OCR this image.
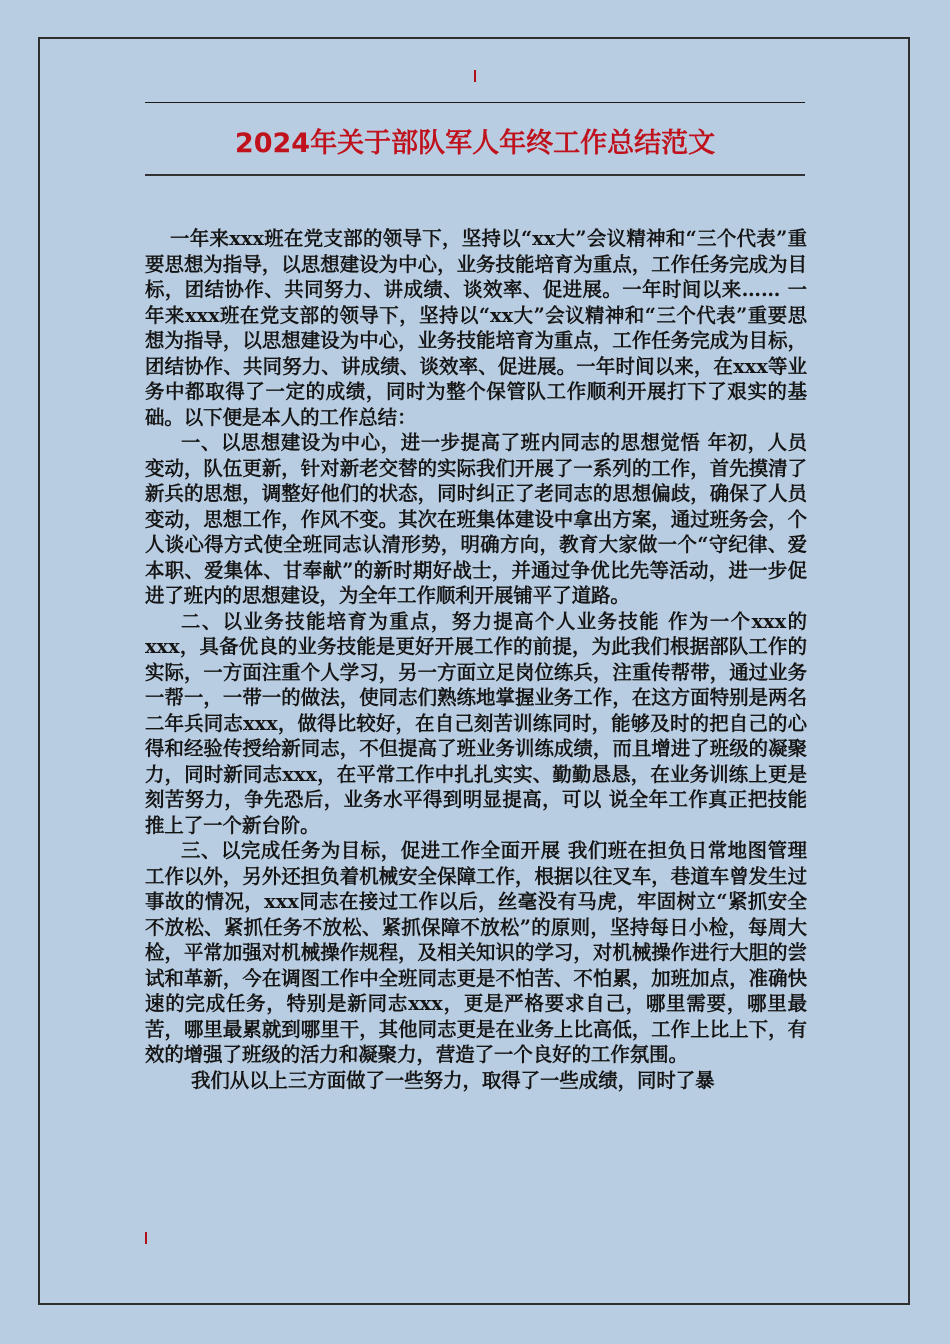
2024年关于部队军人年终工作总结范文

一年来xxx班在党支部的领导下，坚持以“xx大”会议精神和“三个代表”重要思想为指导，以思想建设为中心，业务技能培育为重点，工作任务完成为目标，团结协作、共同努力、讲成绩、谈效率、促进展。一年时间以来…… 一年来xxx班在党支部的领导下，坚持以“xx大”会议精神和“三个代表”重要思想为指导，以思想建设为中心，业务技能培育为重点，工作任务完成为目标，团结协作、共同努力、讲成绩、谈效率、促进展。一年时间以来，在xxx等业务中都取得了一定的成绩，同时为整个保管队工作顺利开展打下了艰实的基础。以下便是本人的工作总结：

一、以思想建设为中心，进一步提高了班内同志的思想觉悟 年初，人员变动，队伍更新，针对新老交替的实际我们开展了一系列的工作，首先摸清了新兵的思想，调整好他们的状态，同时纠正了老同志的思想偏歧，确保了人员变动，思想工作，作风不变。其次在班集体建设中拿出方案，通过班务会，个人谈心得方式使全班同志认清形势，明确方向，教育大家做一个“守纪律、爱本职、爱集体、甘奉献”的新时期好战士，并通过争优比先等活动，进一步促进了班内的思想建设，为全年工作顺利开展铺平了道路。

二、以业务技能培育为重点，努力提高个人业务技能 作为一个xxx的xxx，具备优良的业务技能是更好开展工作的前提，为此我们根据部队工作的实际，一方面注重个人学习，另一方面立足岗位练兵，注重传帮带，通过业务一帮一，一带一的做法，使同志们熟练地掌握业务工作，在这方面特别是两名二年兵同志xxx，做得比较好，在自己刻苦训练同时，能够及时的把自己的心得和经验传授给新同志，不但提高了班业务训练成绩，而且增进了班级的凝聚力，同时新同志xxx，在平常工作中扎扎实实、勤勤恳恳，在业务训练上更是刻苦努力，争先恐后，业务水平得到明显提高，可以 说全年工作真正把技能推上了一个新台阶。

三、以完成任务为目标，促进工作全面开展 我们班在担负日常地图管理工作以外，另外还担负着机械安全保障工作，根据以往叉车，巷道车曾发生过事故的情况，xxx同志在接过工作以后，丝毫没有马虎，牢固树立“紧抓安全不放松、紧抓任务不放松、紧抓保障不放松”的原则，坚持每日小检，每周大检，平常加强对机械操作规程，及相关知识的学习，对机械操作进行大胆的尝试和革新，今在调图工作中全班同志更是不怕苦、不怕累，加班加点，准确快速的完成任务，特别是新同志xxx，更是严格要求自己，哪里需要，哪里最苦，哪里最累就到哪里干，其他同志更是在业务上比高低，工作上比上下，有效的增强了班级的活力和凝聚力，营造了一个良好的工作氛围。

我们从以上三方面做了一些努力，取得了一些成绩，同时了暴
